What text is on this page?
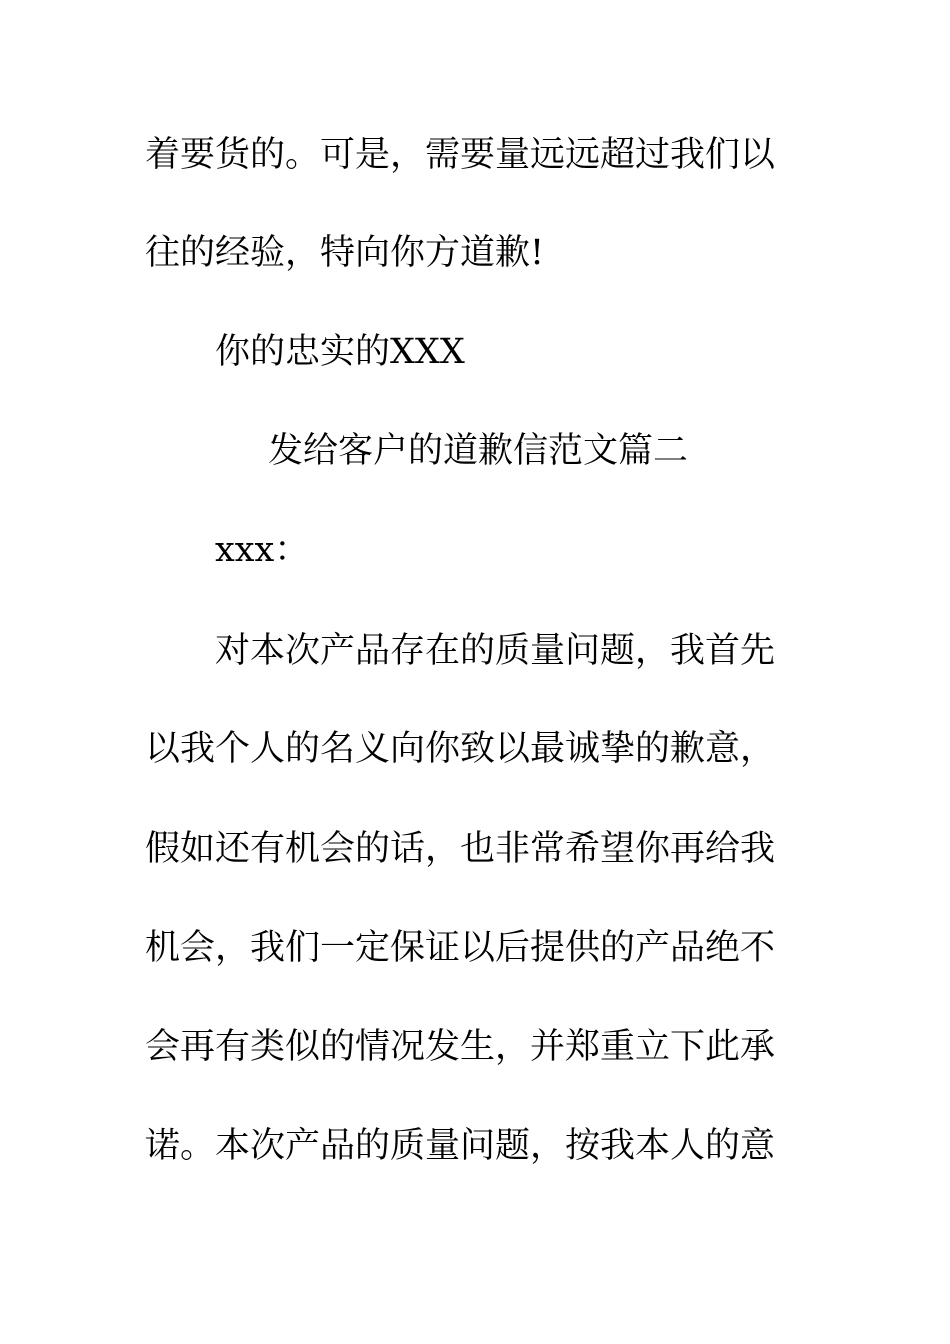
着要货的。可是，需要量远远超过我们以
往的经验，特向你方道歉!
你的忠实的XXX
发给客户的道歉信范文篇二
xxx：
对本次产品存在的质量问题，我首先
以我个人的名义向你致以最诚挚的歉意，
假如还有机会的话，也非常希望你再给我
机会，我们一定保证以后提供的产品绝不
会再有类似的情况发生，并郑重立下此承
诺。本次产品的质量问题，按我本人的意
